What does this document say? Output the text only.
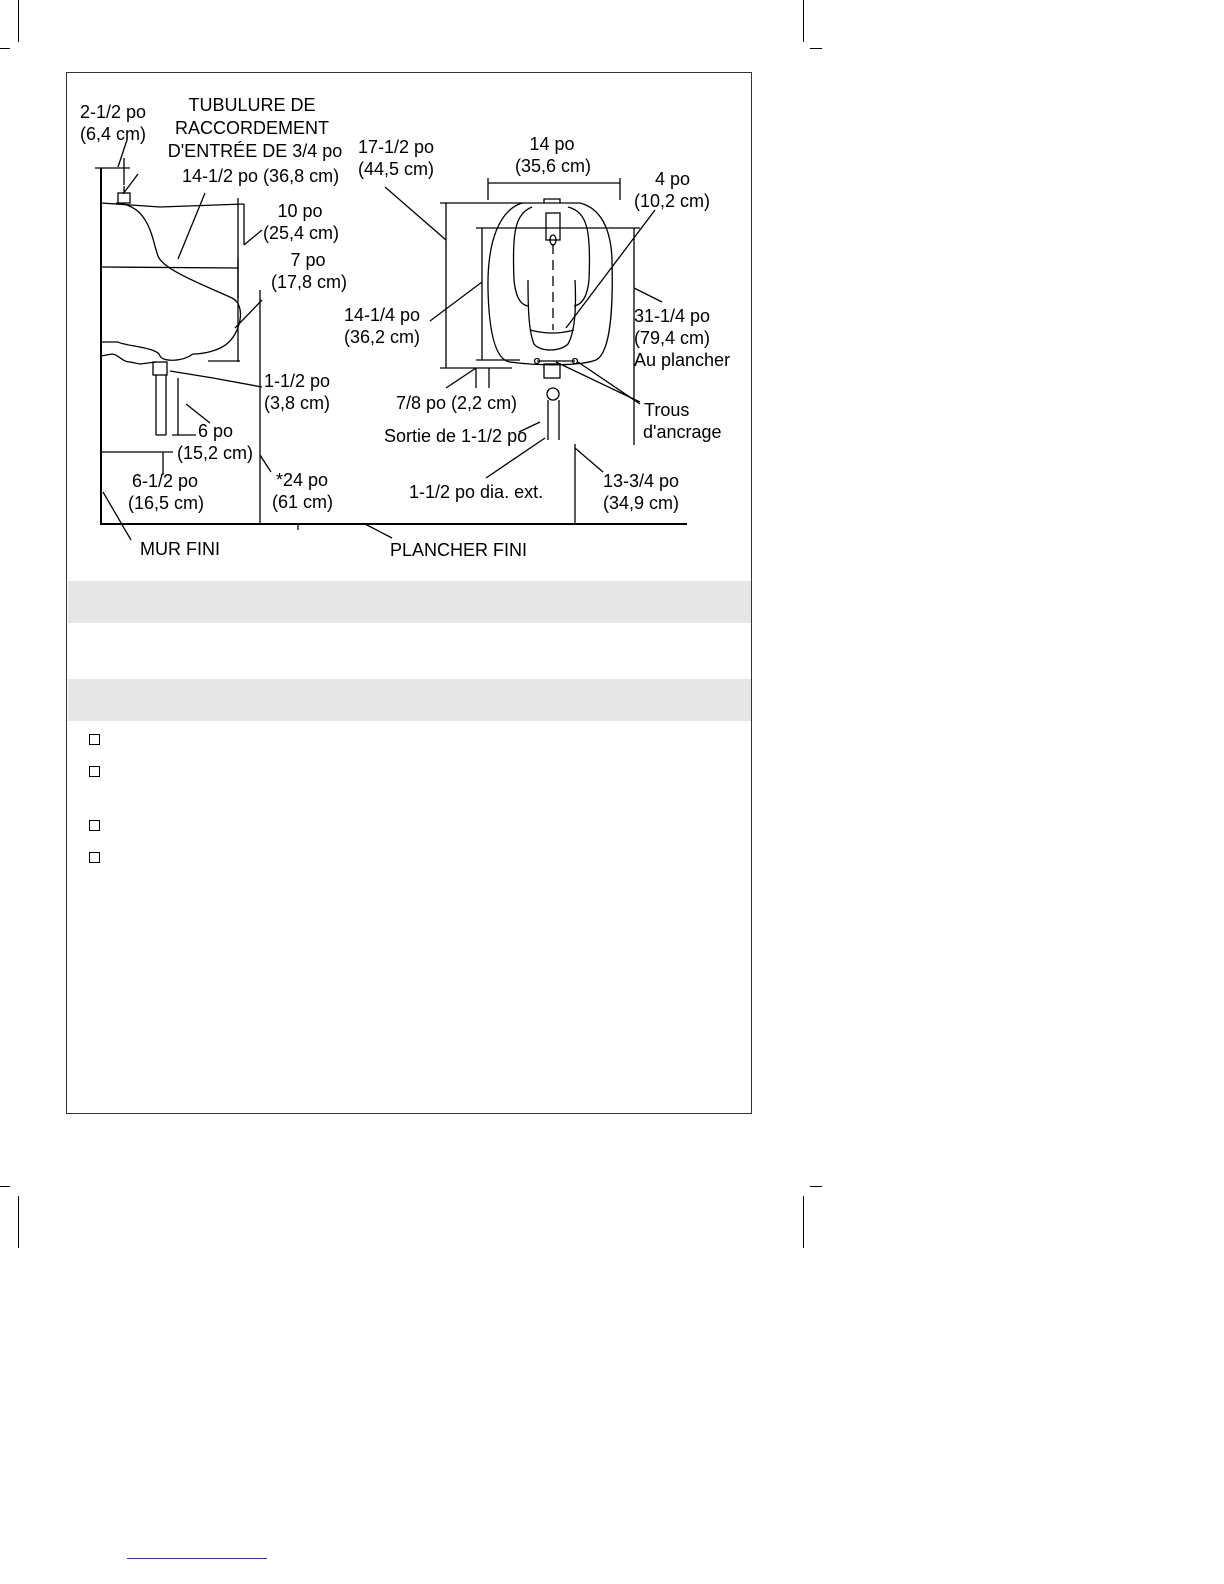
2-1/2 po
(6,4 cm)
TUBULURE DE
RACCORDEMENT
D'ENTRÉE DE 3/4 po
14-1/2 po (36,8 cm)
10 po
(25,4 cm)
7 po
(17,8 cm)
1-1/2 po
(3,8 cm)
6 po
(15,2 cm)
6-1/2 po
(16,5 cm)
*24 po
(61 cm)
MUR FINI
17-1/2 po
(44,5 cm)
14 po
(35,6 cm)
4 po
(10,2 cm)
14-1/4 po
(36,2 cm)
31-1/4 po
(79,4 cm)
Au plancher
7/8 po (2,2 cm)	Trous
d'ancrage
Sortie de 1-1/2 po
1-1/2 po dia. ext.
13-3/4 po
(34,9 cm)
PLANCHER FINI
